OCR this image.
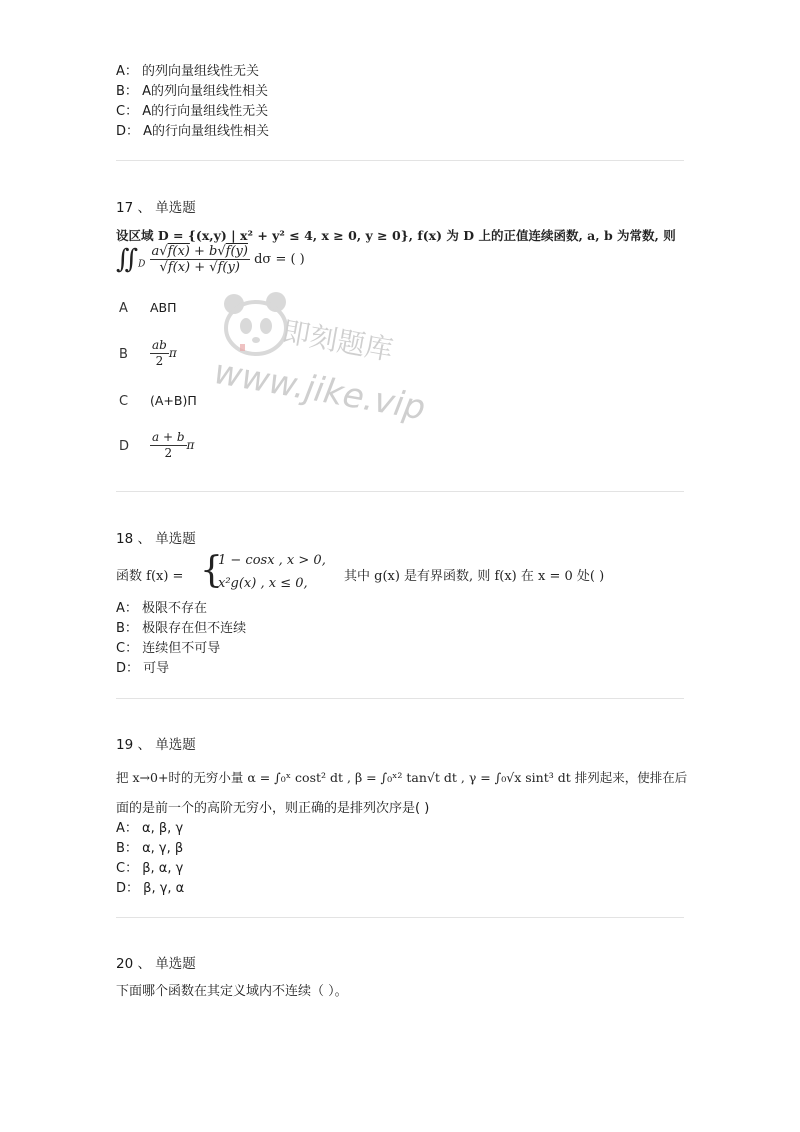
A： 的列向量组线性无关
B： A的列向量组线性相关
C： A的行向量组线性无关
D： A的行向量组线性相关
17 、 单选题
设区域 D = {(x,y) | x² + y² ≤ 4, x ≥ 0, y ≥ 0}, f(x) 为 D 上的正值连续函数, a, b 为常数, 则
$∬_D \frac{a√f(x) + b√f(y)}{√f(x) + √f(y)}$ dσ = ( )
A ABΠ
B $\frac{ab}{2}$ π
C (A+B)Π
D $\frac{a + b}{2}$ π
即刻题库
www.jike.vip
18 、 单选题
函数 f(x) = {
1 − cosx , x > 0,
x²g(x) , x ≤ 0,	其中 g(x) 是有界函数, 则 f(x) 在 x = 0 处( )
A： 极限不存在
B： 极限存在但不连续
C： 连续但不可导
D： 可导
19 、 单选题
把 x→0+时的无穷小量 α = ∫₀ˣ cost² dt , β = ∫₀ˣ² tan√t dt , γ = ∫₀√x sint³ dt 排列起来，使排在后
面的是前一个的高阶无穷小，则正确的是排列次序是( )
A： α, β, γ
B： α, γ, β
C： β, α, γ
D： β, γ, α
20 、 单选题
下面哪个函数在其定义域内不连续（ ）。
